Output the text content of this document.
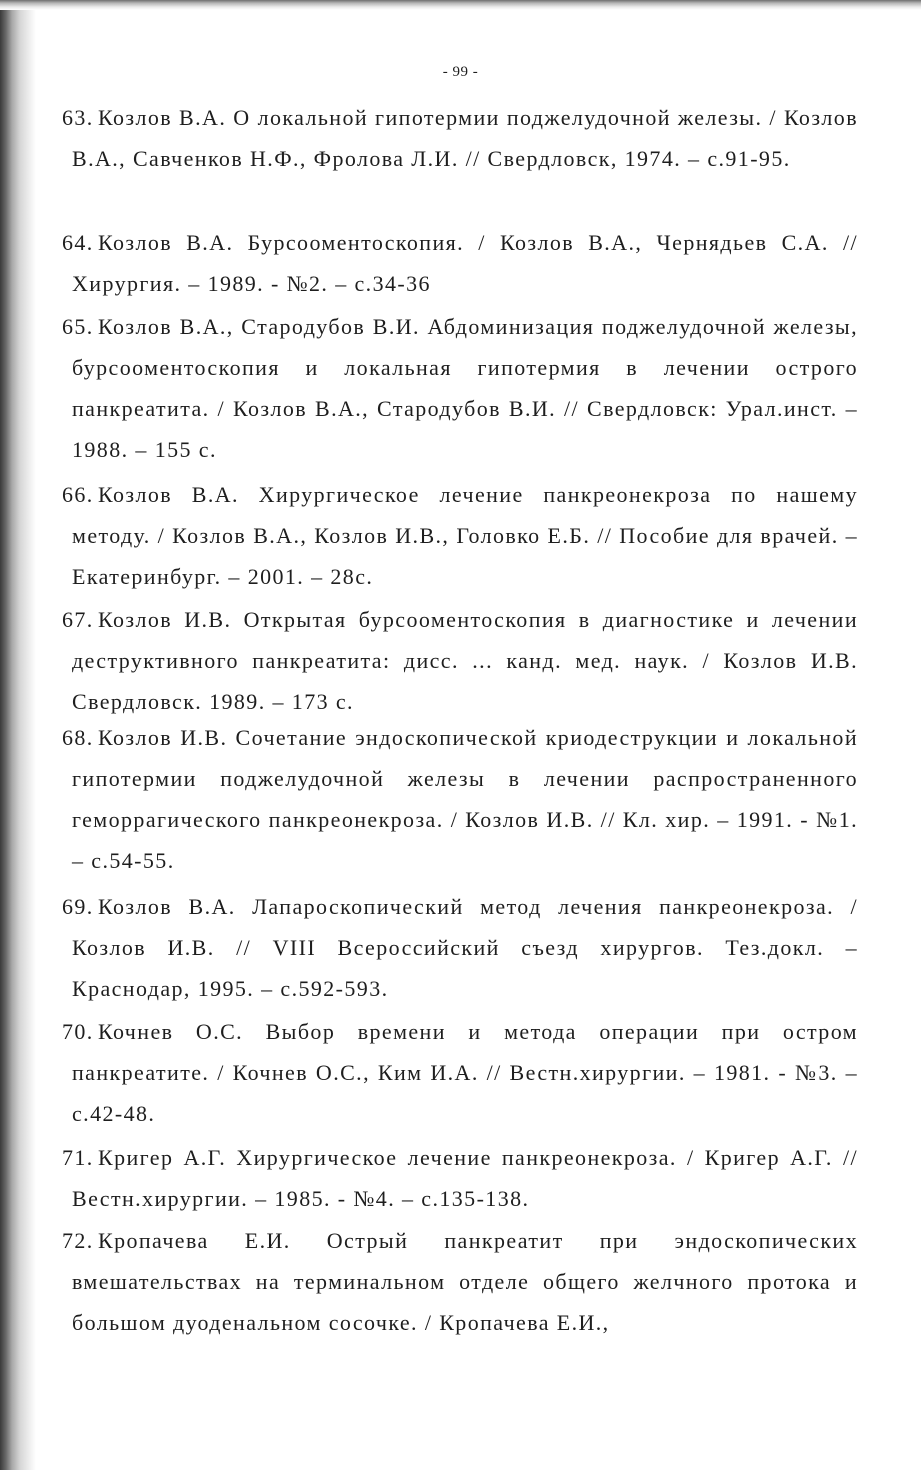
- 99 -

63. Козлов В.А. О локальной гипотермии поджелудочной железы. / Козлов В.А., Савченков Н.Ф., Фролова Л.И. // Свердловск, 1974. – с.91-95.

64. Козлов В.А. Бурсооментоскопия. / Козлов В.А., Чернядьев С.А. // Хирургия. – 1989. - №2. – с.34-36

65. Козлов В.А., Стародубов В.И. Абдоминизация поджелудочной железы, бурсооментоскопия и локальная гипотермия в лечении острого панкреатита. / Козлов В.А., Стародубов В.И. // Свердловск: Урал.инст. – 1988. – 155 с.

66. Козлов В.А. Хирургическое лечение панкреонекроза по нашему методу. / Козлов В.А., Козлов И.В., Головко Е.Б. // Пособие для врачей. – Екатеринбург. – 2001. – 28с.

67. Козлов И.В. Открытая бурсооментоскопия в диагностике и лечении деструктивного панкреатита: дисс. ... канд. мед. наук. / Козлов И.В. Свердловск. 1989. – 173 с.

68. Козлов И.В. Сочетание эндоскопической криодеструкции и локальной гипотермии поджелудочной железы в лечении распространенного геморрагического панкреонекроза. / Козлов И.В. // Кл. хир. – 1991. - №1. – с.54-55.

69. Козлов В.А. Лапароскопический метод лечения панкреонекроза. / Козлов И.В. // VIII Всероссийский съезд хирургов. Тез.докл. – Краснодар, 1995. – с.592-593.

70. Кочнев О.С. Выбор времени и метода операции при остром панкреатите. / Кочнев О.С., Ким И.А. // Вестн.хирургии. – 1981. - №3. – с.42-48.

71. Кригер А.Г. Хирургическое лечение панкреонекроза. / Кригер А.Г. // Вестн.хирургии. – 1985. - №4. – с.135-138.

72. Кропачева Е.И. Острый панкреатит при эндоскопических вмешательствах на терминальном отделе общего желчного протока и большом дуоденальном сосочке. / Кропачева Е.И.,
